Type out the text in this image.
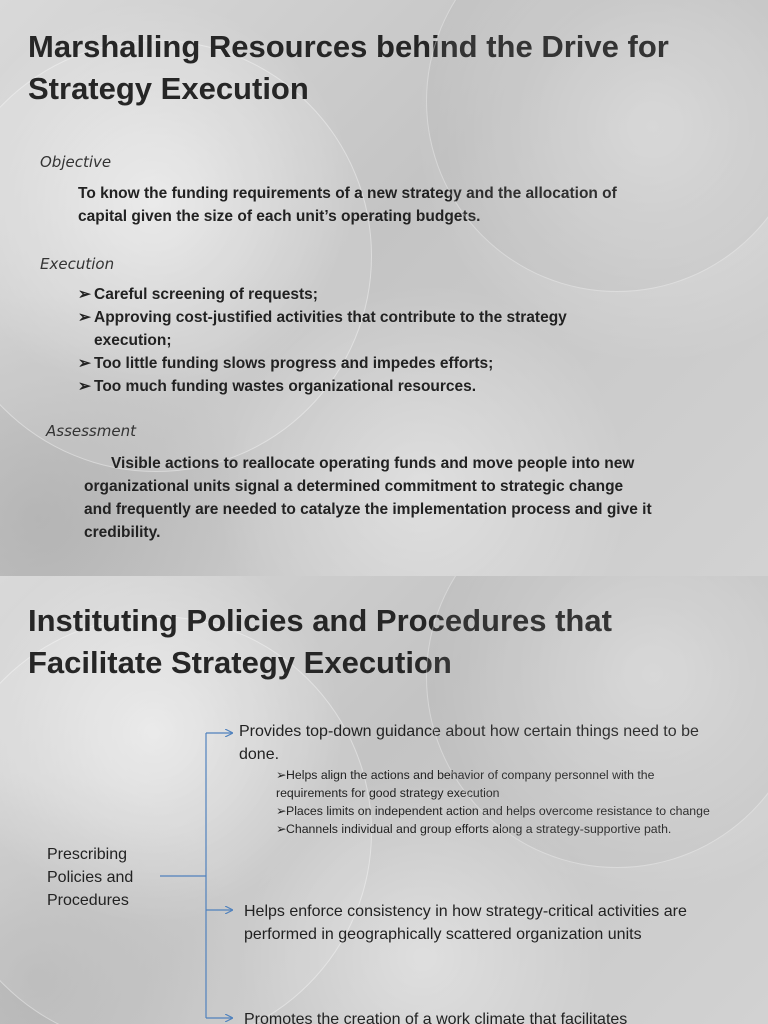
Marshalling Resources behind the Drive for Strategy Execution
Objective

To know the funding requirements of a new strategy and the allocation of capital given the size of each unit’s operating budgets.

Execution
➢ Careful screening of requests;
➢ Approving cost-justified activities that contribute to the strategy execution;
➢ Too little funding slows progress and impedes efforts;
➢ Too much funding wastes organizational resources.
Assessment

Visible actions to reallocate operating funds and move people into new organizational units signal a determined commitment to strategic change and frequently are needed to catalyze the implementation process and give it credibility.

Instituting Policies and Procedures that Facilitate Strategy Execution

Prescribing Policies and Procedures

Provides top-down guidance about how certain things need to be done.

➢Helps align the actions and behavior of company personnel with the requirements for good strategy execution
➢Places limits on independent action and helps overcome resistance to change
➢Channels individual and group efforts along a strategy-supportive path.

Helps enforce consistency in how strategy-critical activities are performed in geographically scattered organization units

Promotes the creation of a work climate that facilitates
